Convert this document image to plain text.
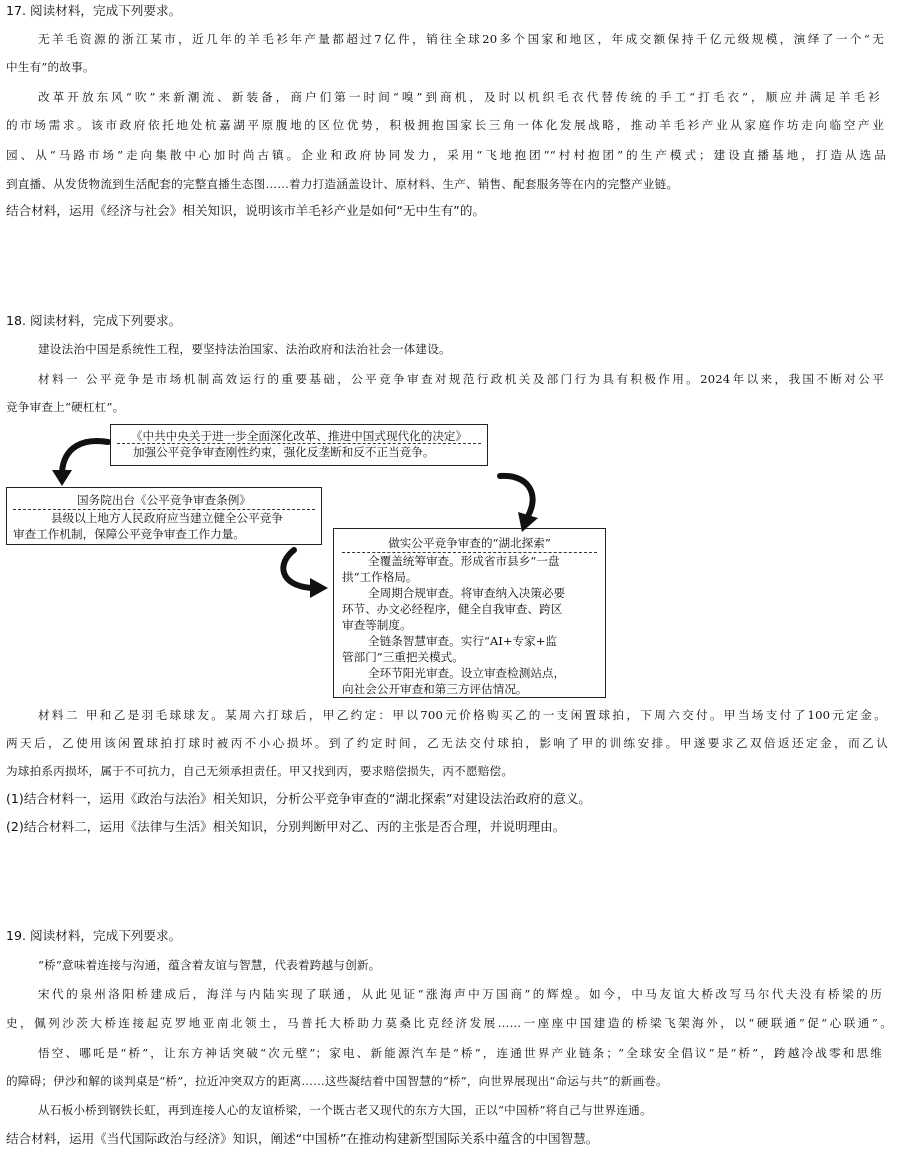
17. 阅读材料，完成下列要求。
无羊毛资源的浙江某市，近几年的羊毛衫年产量都超过7亿件，销往全球20多个国家和地区，年成交额保持千亿元级规模，演绎了一个“无
中生有”的故事。
改革开放东风“吹”来新潮流、新装备，商户们第一时间“嗅”到商机，及时以机织毛衣代替传统的手工“打毛衣”，顺应并满足羊毛衫
的市场需求。该市政府依托地处杭嘉湖平原腹地的区位优势，积极拥抱国家长三角一体化发展战略，推动羊毛衫产业从家庭作坊走向临空产业
园、从“马路市场”走向集散中心加时尚古镇。企业和政府协同发力，采用“飞地抱团”“村村抱团”的生产模式；建设直播基地，打造从选品
到直播、从发货物流到生活配套的完整直播生态图……着力打造涵盖设计、原材料、生产、销售、配套服务等在内的完整产业链。
结合材料，运用《经济与社会》相关知识，说明该市羊毛衫产业是如何“无中生有”的。
18. 阅读材料，完成下列要求。
建设法治中国是系统性工程，要坚持法治国家、法治政府和法治社会一体建设。
材料一 公平竞争是市场机制高效运行的重要基础，公平竞争审查对规范行政机关及部门行为具有积极作用。2024年以来，我国不断对公平
竞争审查上“硬杠杠”。
《中共中央关于进一步全面深化改革、推进中国式现代化的决定》
加强公平竞争审查刚性约束，强化反垄断和反不正当竞争。
国务院出台《公平竞争审查条例》
县级以上地方人民政府应当建立健全公平竞争
审查工作机制，保障公平竞争审查工作力量。
做实公平竞争审查的“湖北探索”
全覆盖统筹审查。形成省市县乡“一盘
拱”工作格局。
全周期合规审查。将审查纳入决策必要
环节、办文必经程序，健全自我审查、跨区
审查等制度。
全链条智慧审查。实行“AI+专家+监
管部门”三重把关模式。
全环节阳光审查。设立审查检测站点，
向社会公开审查和第三方评估情况。
材料二 甲和乙是羽毛球球友。某周六打球后，甲乙约定：甲以700元价格购买乙的一支闲置球拍，下周六交付。甲当场支付了100元定金。
两天后，乙使用该闲置球拍打球时被丙不小心损坏。到了约定时间，乙无法交付球拍，影响了甲的训练安排。甲遂要求乙双倍返还定金，而乙认
为球拍系丙损坏，属于不可抗力，自己无须承担责任。甲又找到丙，要求赔偿损失，丙不愿赔偿。
(1)结合材料一，运用《政治与法治》相关知识，分析公平竞争审查的“湖北探索”对建设法治政府的意义。
(2)结合材料二，运用《法律与生活》相关知识，分别判断甲对乙、丙的主张是否合理，并说明理由。
19. 阅读材料，完成下列要求。
“桥”意味着连接与沟通，蕴含着友谊与智慧，代表着跨越与创新。
宋代的泉州洛阳桥建成后，海洋与内陆实现了联通，从此见证“涨海声中万国商”的辉煌。如今，中马友谊大桥改写马尔代夫没有桥梁的历
史，佩列沙茨大桥连接起克罗地亚南北领土，马普托大桥助力莫桑比克经济发展……一座座中国建造的桥梁飞架海外，以“硬联通”促“心联通”。
悟空、哪吒是“桥”，让东方神话突破“次元壁”；家电、新能源汽车是“桥”，连通世界产业链条；“全球安全倡议”是“桥”，跨越冷战零和思维
的障碍；伊沙和解的谈判桌是“桥”，拉近冲突双方的距离……这些凝结着中国智慧的“桥”，向世界展现出“命运与共”的新画卷。
从石板小桥到钢铁长虹，再到连接人心的友谊桥梁，一个既古老又现代的东方大国，正以“中国桥”将自己与世界连通。
结合材料，运用《当代国际政治与经济》知识，阐述“中国桥”在推动构建新型国际关系中蕴含的中国智慧。
